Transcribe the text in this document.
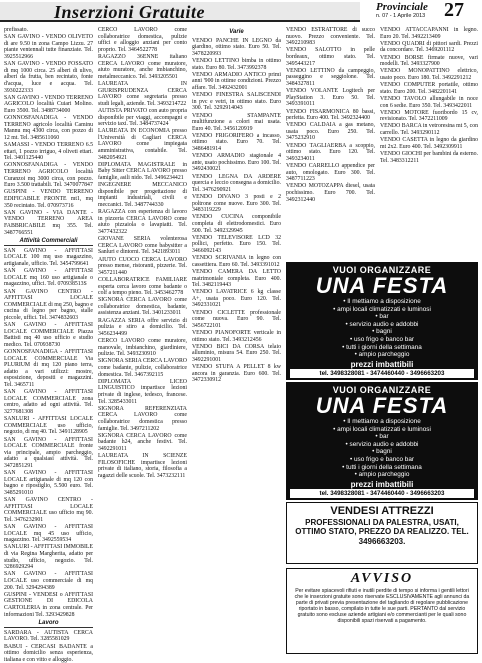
Inserzioni Gratuite	Provinciale
n. 07 - 1 Aprile 2013 27
prefissato.
SAN GAVINO - VENDO OLIVETO di are 9.50 in zona Campo Lizzu. 27 piante ventennali tutte finanziate. Tel. 3925512966
SAN GAVINO - VENDO FOSSATO di mq 1000 circa. 25 alberi di ulivo, alberi da frutta, ben recintato, fonte d'acqua, luce e acqua. Tel. 3930222333
SAN GAVINO - VENDO TERRENO AGRICOLO località Cuiari Molino. Euro 3500. Tel. 3488734000
GONNOSFANADIGA - VENDO TERRENO agricolo località Caminu Mannu mq 4300 circa, con pozzo di 12 mt. Tel. 3485611060
SAMASSI - VENDO TERRENO 6.5 ettari, 1 pozzo irriguo, 4 oliveti ettari. Tel. 3401125440
GONNOSFANADIGA - VENDO TERRENO AGRICOLO località Curanzoi mq 3000 circa, con pozzo. Euro 3.500 trattabili. Tel. 3470077847
GUSPINI - VENDO TERRENO EDIFICABILE FRONTE mt1, mq 350 recintato. Tel. 070973716
SAN GAVINO - VIA DANTE - VENDO TERRENO AREA FABBRICABILE mq 355. Tel. 3487766551
Attività Commerciali
SAN GAVINO - AFFITTASI LOCALE 100 mq uso magazzino, artigianale, ufficio. Tel. 3454799641
SAN GAVINO - AFFITTASI LOCALE mq 160 uso artigianale o magazzino, uffici. Tel. 070938513S
SAN GAVINO CENTRO - AFFITTASI LOCALE COMMERCIALE di mq 250, bagno e cucina di legno per bagno, stalle piccole, uffici. Tel. 3474832603
SAN GAVINO - AFFITTASI LOCALE COMMERCIALE Piazza Battisti mq 40 uso ufficio e studio medico. Tel. 070938730
GONNOSFANADIGA - AFFITTASI LOCALE COMMERCIALE Via PLURIUM di mq 120 piano terra, adatto a vari utilizzi: mostre, esposizione, depositi e magazzini. Tel. 3465711
SAN GAVINO - AFFITTASI LOCALE COMMERCIALE zona centro, adatto ad ogni attività. Tel. 3277681308
SANLURI - AFFITTASI LOCALE COMMERCIALE uso ufficio, negozio, di mq 40. Tel. 3491128905
SAN GAVINO - AFFITTASI LOCALE COMMERCIALE fronte via principale, ampio parcheggio, adatto a qualsiasi attività. Tel. 3472851291
SAN GAVINO - AFFITTASI LOCALE artigianale di mq 120 con bagno e ripostiglio, 5.500 euro. Tel. 3485291010
SAN GAVINO CENTRO - AFFITTASI LOCALE COMMERCIALE uso ufficio mq 90. Tel. 3476232901
SAN GAVINO - AFFITTASI LOCALE mq 45 uso ufficio, magazzino. Tel. 3492559534
SANLURI - AFFITTASI IMMOBILE di via Regina Margherita, adatto per studio, ufficio, negozio. Tel. 3286929294
SAN GAVINO - AFFITTASI LOCALE uso commerciale di mq 200. Tel. 3294294389
GUSPINI - VENDESI o AFFITTASI GESTIONE DI EDICOLA CARTOLERIA in zona centrale. Per informazioni Tel. 3293429828
Lavoro
SARDARA - AUTISTA CERCA LAVORO. Tel. 3285581029
BABUI - CERCASI BADANTE a ottimo domicilio senza esperienza, italiana e con vitto e alloggio.
CERCO LAVORO come collaboratrice domestica, pulizie uffici e alloggio anziani per conto proprio. Tel. 3464522778
RAGAZZO 36ENNE italiano CERCA LAVORO come muratore, aiuto muratore, anche imbianchino, metalmeccanico. Tel. 3493205501
LAUREATA IN GIURISPRUDENZA CERCA LAVORO come segretaria presso studi legali, aziende. Tel. 3493214722
AUTISTA PRIVATO con auto propria disponibile per viaggi, accompagni e servizio taxi. Tel. 3484737424
LAUREATA IN ECONOMIA presso l'Università di Cagliari CERCA LAVORO come impiegata amministrativa, contabile. Tel. 3482054921
DIPLOMATA MAGISTRALE in Baby Sitter CERCA LAVORO presso famiglie, asili nido. Tel. 3496234421
INGEGNERE MECCANICO disponibile per progettazione di impianti industriali, civili e meccanici. Tel. 3487744330
RAGAZZA con esperienza di lavoro in pizzeria CERCA LAVORO come aiuto pizzaiola o lavapiatti. Tel. 3477432322
GIOVANE SERIA volenterosa CERCA LAVORO come babysitter a Sanluri e dintorni. Tel. 3421893011
AIUTO CUOCO CERCA LAVORO presso mense, ristoranti, pizzerie. Tel. 3457211440
COLLABORATRICE FAMILIARE esperta cerca lavoro come badante o colf a tempo pieno. Tel. 3453462778
SIGNORA CERCA LAVORO come collaboratrice domestica, badante, assistenza anziani. Tel. 3401233011
RAGAZZA SERIA offre servizio di pulizia e stiro a domicilio. Tel. 3456234499
CERCO LAVORO come muratore, manovale, imbianchino, giardiniere, pulizie. Tel. 3493230910
SIGNORA SERIA CERCA LAVORO come badante, pulizie, collaboratrice domestica. Tel. 3467392115
DIPLOMATA LICEO LINGUISTICO impartisce lezioni private di inglese, tedesco, francese. Tel. 3285433011
SIGNORA REFERENZIATA CERCA LAVORO come collaboratrice domestica presso famiglie. Tel. 3497211202
SIGNORA CERCA LAVORO come badante h24, anche festivi. Tel. 3492291011
LAUREATA IN SCIENZE FILOSOFICHE impartisce lezioni private di italiano, storia, filosofia a ragazzi delle scuole. Tel. 3473232111
Varie
VENDO PANCHE IN LEGNO da giardino, ottimo stato. Euro 50. Tel. 3478220993
VENDO LETTINO bimba in ottimo stato. Euro 80. Tel. 3473992378
VENDO ARMADIO ANTICO primi anni '900 in ottime condizioni. Prezzo affare. Tel. 3492432001
VENDO FINESTRA SALISCENDI in pvc e vetri, in ottimo stato. Euro 300. Tel. 3292914043
VENDO STAMPANTE multifunzione a colori mai usata. Euro 40. Tel. 3456120919
VENDO FRIGORIFERO a incasso, ottimo stato. Euro 70. Tel. 3486481914
VENDO ARMADIO stagionale 4 ante, usato pochissimo. Euro 100. Tel. 3492430021
VENDO LEGNA DA ARDERE quercia e leccio consegna a domicilio. Tel. 3476290921
VENDO DIVANO 3 posti e 2 poltrone come nuove. Euro 300. Tel. 3483119229
VENDO CUCINA componibile completa di elettrodomestici. Euro 500. Tel. 3492329945
VENDO TELEVISORE LCD 32 pollici, perfetto. Euro 150. Tel. 3466092143
VENDO SCRIVANIA in legno con cassettiera. Euro 60. Tel. 3493391012
VENDO CAMERA DA LETTO matrimoniale completa. Euro 400. Tel. 3482119443
VENDO LAVATRICE 6 kg classe A+, usata poco. Euro 120. Tel. 3492331021
VENDO CICLETTE professionale come nuova. Euro 90. Tel. 3456722101
VENDO PIANOFORTE verticale in ottimo stato. Tel. 3493212456
VENDO BICI DA CORSA telaio alluminio, misura 54. Euro 250. Tel. 3492291001
VENDO STUFA A PELLET 8 kw ancora in garanzia. Euro 600. Tel. 3472330912
VENDO ESTRATTORE di succo nuovo. Prezzo conveniente. Tel. 3492210983
VENDO SALOTTO in pelle bordeaux, ottimo stato. Tel. 3495443217
VENDO LETTINO da campeggio, passeggino e seggiolone. Tel. 3484327811
VENDO VOLANTE Logitech per PlayStation 3. Euro 50. Tel. 3493391011
VENDO FISARMONICA 80 bassi, perfetta. Euro 400. Tel. 3492324400
VENDO CALDAIA a gas metano, usata poco. Euro 250. Tel. 3475232910
VENDO TAGLIAERBA a scoppio, ottimo stato. Euro 120. Tel. 3493234011
VENDO CARRELLO appendice per auto, omologato. Euro 300. Tel. 3487711223
VENDO MOTOZAPPA diesel, usata pochissimo. Euro 700. Tel. 3492312440
VENDO ATTACCAPANNI in legno. Euro 20. Tel. 3492213409
VENDO QUADRI di pittori sardi. Prezzi da concordare. Tel. 3469201112
VENDO BORSE firmate nuove, vari modelli. Tel. 3493327900
VENDO MONOPATTINO elettrico, usato poco. Euro 180. Tel. 3492291212
VENDO COMPUTER portatile, ottimo stato. Euro 200. Tel. 3482201141
VENDO TAVOLO allungabile in noce con 6 sedie. Euro 350. Tel. 3493422011
VENDO MOTORE fuoribordo 15 cv, revisionato. Tel. 3472211009
VENDO BARCA in vetroresina mt 5, con carrello. Tel. 3493290112
VENDO CASETTA in legno da giardino mt 2x2. Euro 400. Tel. 3492309911
VENDO GIOCHI per bambini da esterno. Tel. 3483312211
VUOI ORGANIZZARE
UNA FESTA
• Il mettiamo a disposizione
• ampi locali climatizzati e luminosi
• bar
• servizio audio e addobbi
• bagni
• uso frigo e banco bar
• tutti i giorni della settimana
• ampio parcheggio
prezzi imbattibili
tel. 3498328081 - 3474460440 - 3496663203
VUOI ORGANIZZARE
UNA FESTA
• Il mettiamo a disposizione
• ampi locali climatizzati e luminosi
• bar
• servizio audio e addobbi
• bagni
• uso frigo e banco bar
• tutti i giorni della settimana
• ampio parcheggio
prezzi imbattibili
tel. 3498328081 - 3474460440 - 3496663203
VENDESI ATTREZZI
PROFESSIONALI DA PALESTRA, USATI, OTTIMO STATO, PREZZO DA REALIZZO. TEL. 3496663203.
AVVISO
Per evitare spiacevoli rifiuti e inutili perdite di tempo si informa i gentili lettori che le inserzioni gratuite sono riservate ESCLUSIVAMENTE agli annunci da parte di privati previa presentazione del tagliando di regolare pubblicazione riportato in basso, compilato in tutte le sue parti. PERTANTO dal servizio gratuito sono escluse aziende artigiani e/o commercianti per le quali sono disponibili spazi riservati a pagamento.
